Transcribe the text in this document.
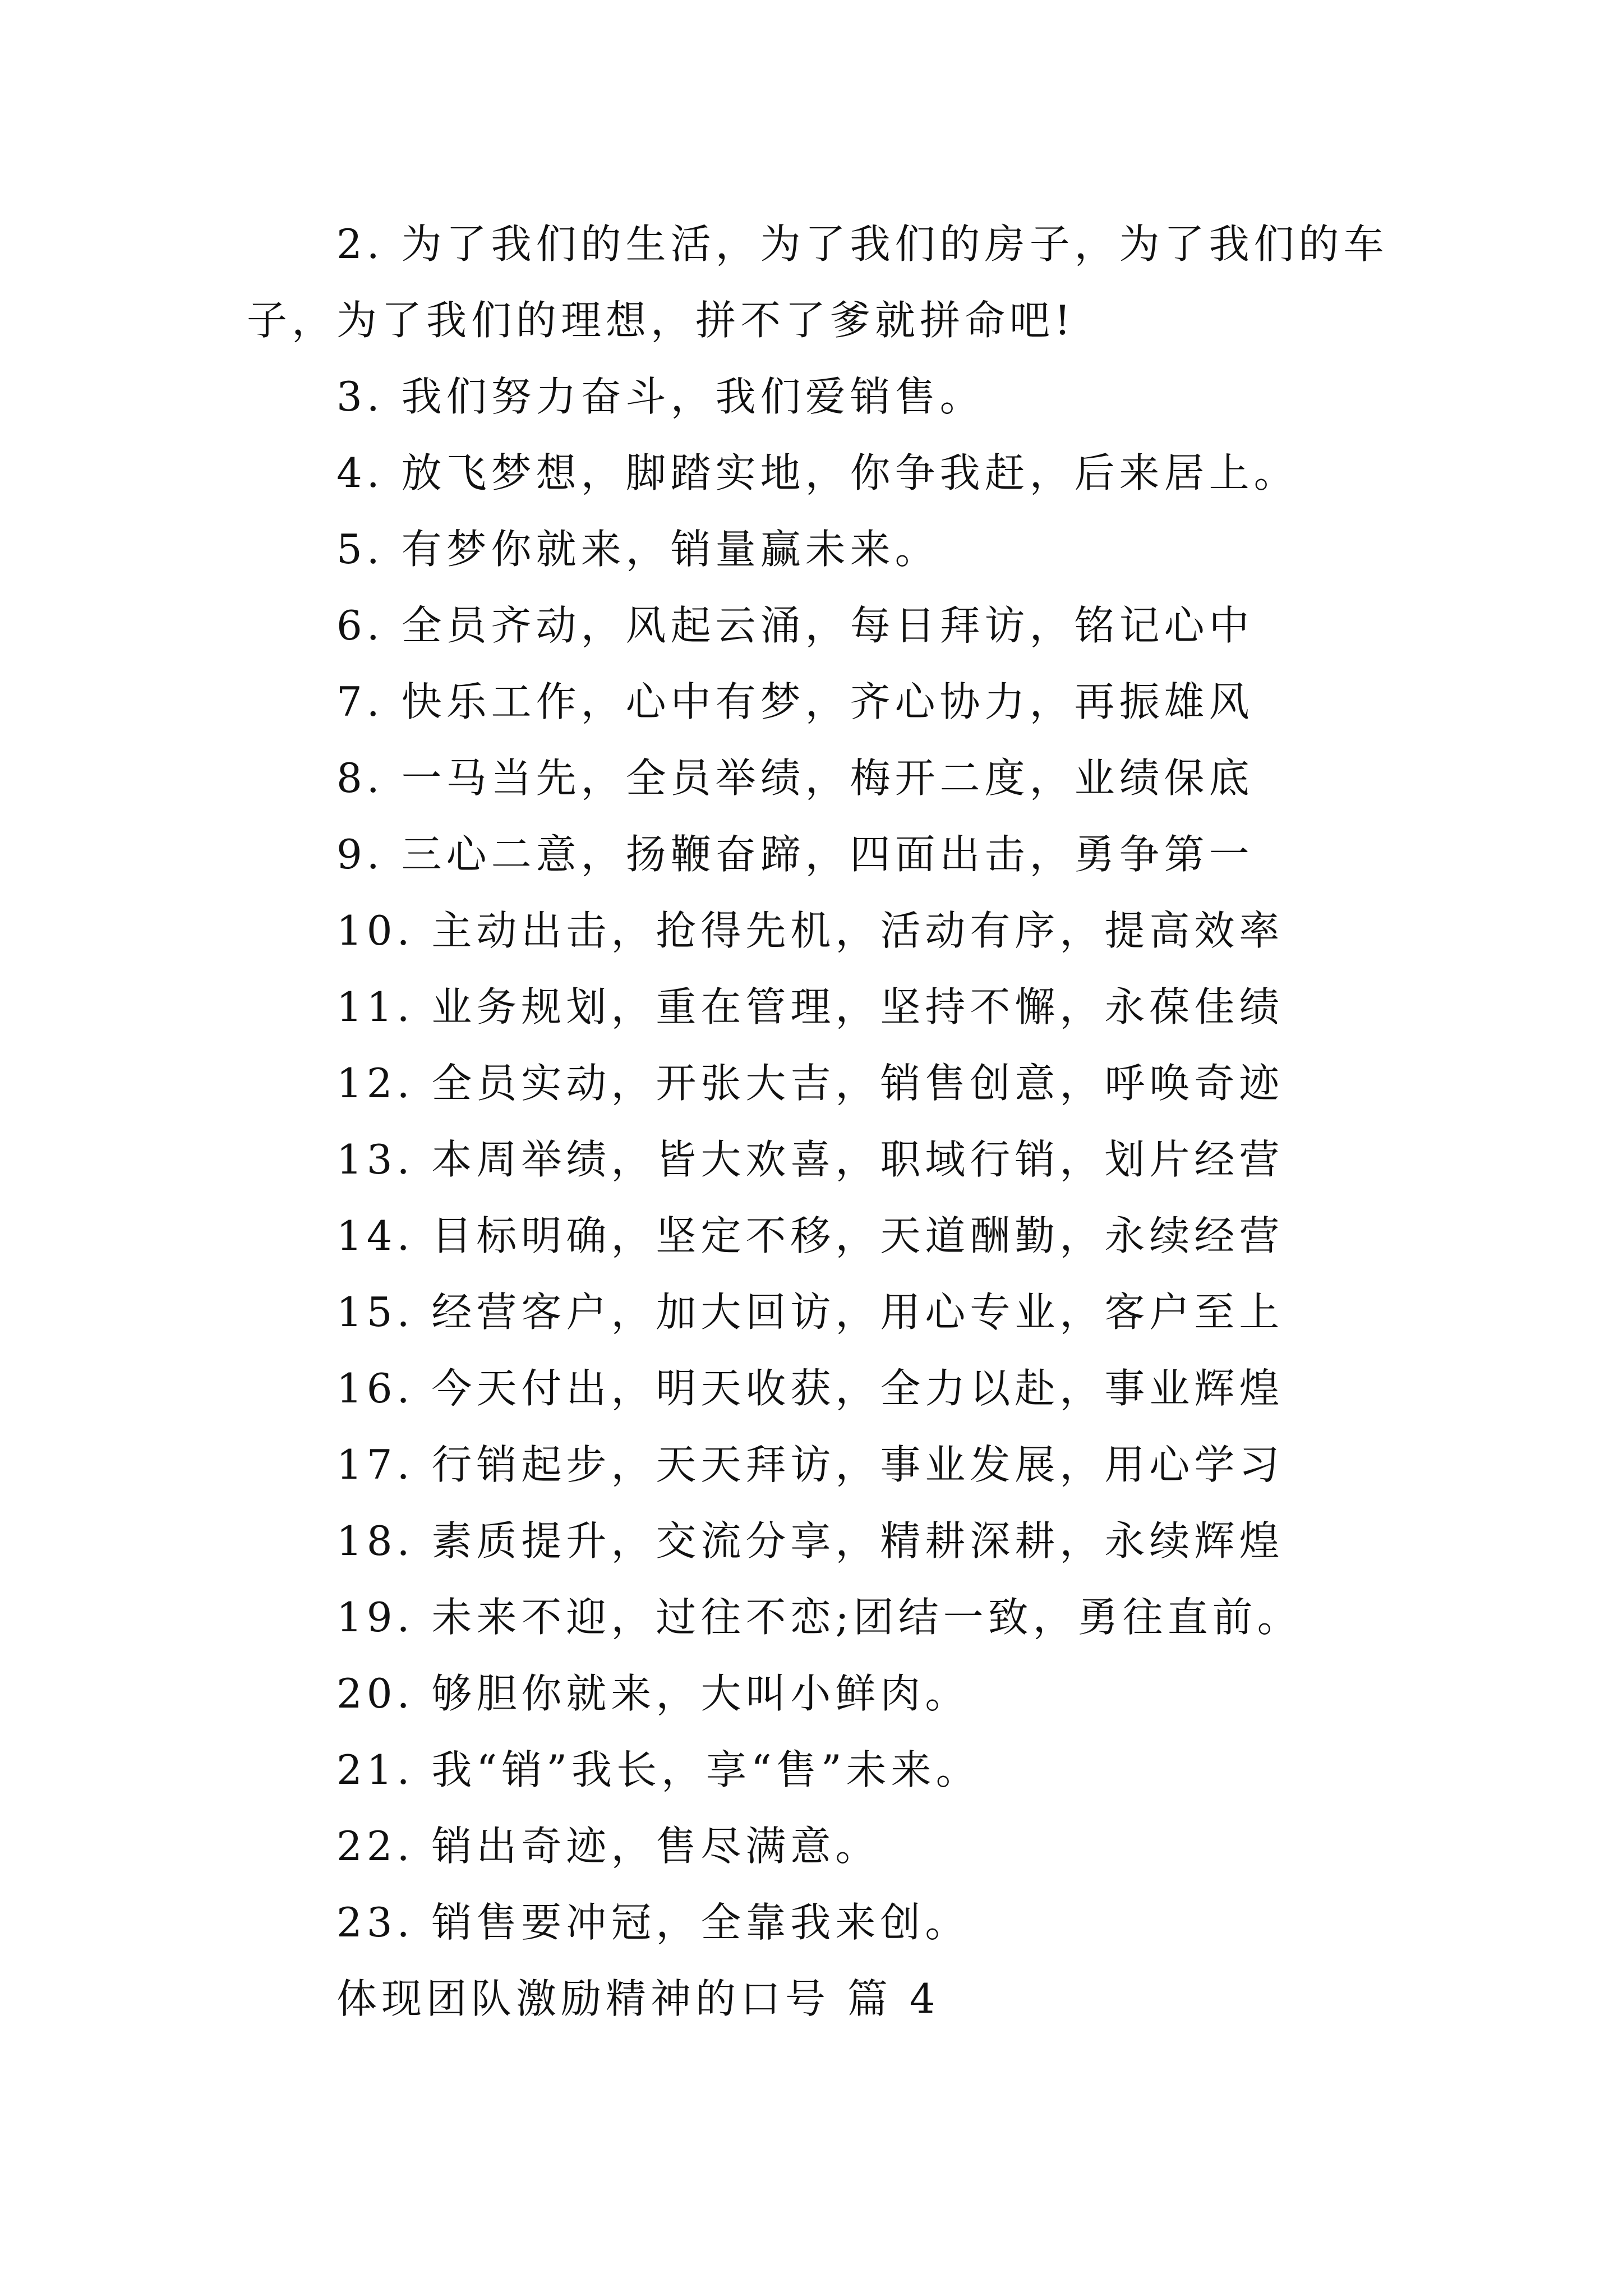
2. 为了我们的生活，为了我们的房子，为了我们的车
子，为了我们的理想，拼不了爹就拼命吧!
3. 我们努力奋斗，我们爱销售。
4. 放飞梦想，脚踏实地，你争我赶，后来居上。
5. 有梦你就来，销量赢未来。
6. 全员齐动，风起云涌，每日拜访，铭记心中
7. 快乐工作，心中有梦，齐心协力，再振雄风
8. 一马当先，全员举绩，梅开二度，业绩保底
9. 三心二意，扬鞭奋蹄，四面出击，勇争第一
10. 主动出击，抢得先机，活动有序，提高效率
11. 业务规划，重在管理，坚持不懈，永葆佳绩
12. 全员实动，开张大吉，销售创意，呼唤奇迹
13. 本周举绩，皆大欢喜，职域行销，划片经营
14. 目标明确，坚定不移，天道酬勤，永续经营
15. 经营客户，加大回访，用心专业，客户至上
16. 今天付出，明天收获，全力以赴，事业辉煌
17. 行销起步，天天拜访，事业发展，用心学习
18. 素质提升，交流分享，精耕深耕，永续辉煌
19. 未来不迎，过往不恋;团结一致，勇往直前。
20. 够胆你就来，大叫小鲜肉。
21. 我“销”我长，享“售”未来。
22. 销出奇迹，售尽满意。
23. 销售要冲冠，全靠我来创。
体现团队激励精神的口号 篇 4
